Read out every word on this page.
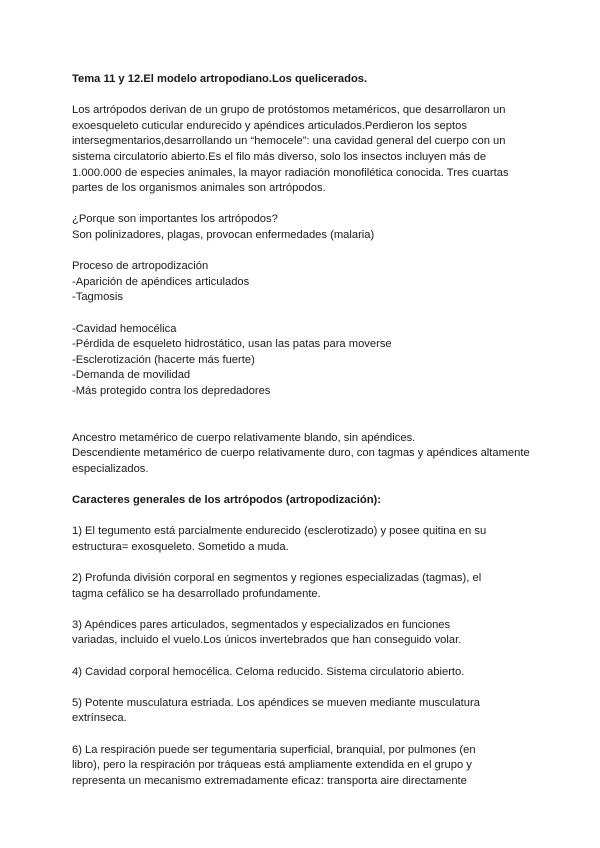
Tema 11 y 12.El modelo artropodiano.Los quelicerados.
Los artrópodos derivan de un grupo de protóstomos metaméricos, que desarrollaron un
exoesqueleto cuticular endurecido y apéndices articulados.Perdieron los septos
intersegmentarios,desarrollando un “hemocele”: una cavidad general del cuerpo con un
sistema circulatorio abierto.Es el filo más diverso, solo los insectos incluyen más de
1.000.000 de especies animales, la mayor radiación monofilética conocida. Tres cuartas
partes de los organismos animales son artrópodos.
¿Porque son importantes los artrópodos?
Son polinizadores, plagas, provocan enfermedades (malaria)
Proceso de artropodización
-Aparición de apéndices articulados
-Tagmosis
-Cavidad hemocélica
-Pérdida de esqueleto hidrostático, usan las patas para moverse
-Esclerotización (hacerte más fuerte)
-Demanda de movilidad
-Más protegido contra los depredadores
Ancestro metamérico de cuerpo relativamente blando, sin apéndices.
Descendiente metamérico de cuerpo relativamente duro, con tagmas y apéndices altamente
especializados.
Caracteres generales de los artrópodos (artropodización):
1) El tegumento está parcialmente endurecido (esclerotizado) y posee quitina en su
estructura= exosqueleto. Sometido a muda.
2) Profunda división corporal en segmentos y regiones especializadas (tagmas), el
tagma cefálico se ha desarrollado profundamente.
3) Apéndices pares articulados, segmentados y especializados en funciones
variadas, incluido el vuelo.Los únicos invertebrados que han conseguido volar.
4) Cavidad corporal hemocélica. Celoma reducido. Sistema circulatorio abierto.
5) Potente musculatura estriada. Los apéndices se mueven mediante musculatura
extrínseca.
6) La respiración puede ser tegumentaria superficial, branquial, por pulmones (en
libro), pero la respiración por tráqueas está ampliamente extendida en el grupo y
representa un mecanismo extremadamente eficaz: transporta aire directamente
